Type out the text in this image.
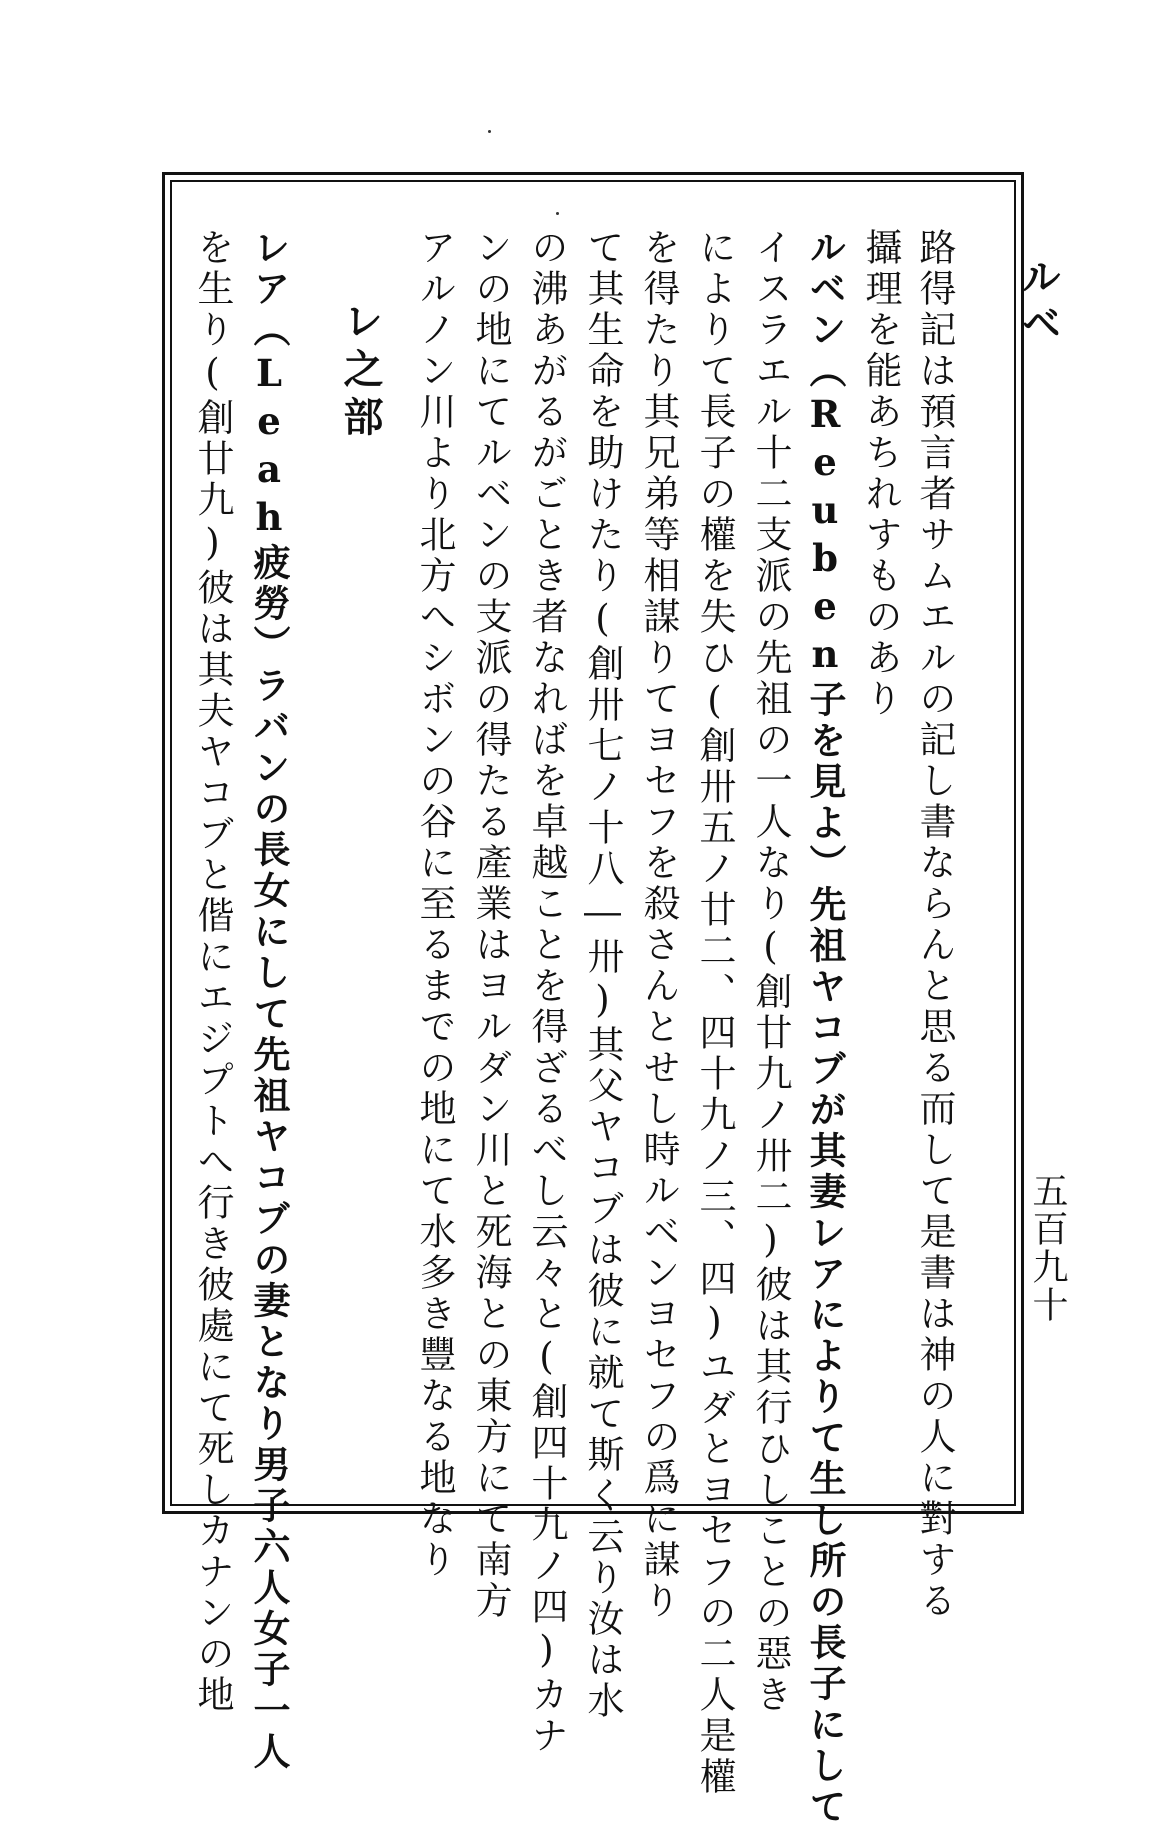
ルベ
五百九十
路得記は預言者サムエルの記し書ならんと思る而して是書は神の人に對する
攝理を能あちれすものあり
ルベン（Reuben子を見よ）先祖ヤコブが其妻レアによりて生し所の長子にして
イスラエル十二支派の先祖の一人なり(創廿九ノ卅二)彼は其行ひしことの惡き
によりて長子の權を失ひ(創卅五ノ廿二、四十九ノ三、四)ユダとヨセフの二人是權
を得たり其兄弟等相謀りてヨセフを殺さんとせし時ルベンヨセフの爲に謀り
て其生命を助けたり(創卅七ノ十八―卅)其父ヤコブは彼に就て斯く云り汝は水
の沸あがるがごとき者なればを卓越ことを得ざるべし云々と(創四十九ノ四)カナ
ンの地にてルベンの支派の得たる產業はヨルダン川と死海との東方にて南方
アルノン川より北方へシボンの谷に至るまでの地にて水多き豐なる地なり
レ之部
レア（Leah疲勞）ラバンの長女にして先祖ヤコブの妻となり男子六人女子一人
を生り(創廿九)彼は其夫ヤコブと偕にエジプトへ行き彼處にて死しカナンの地
